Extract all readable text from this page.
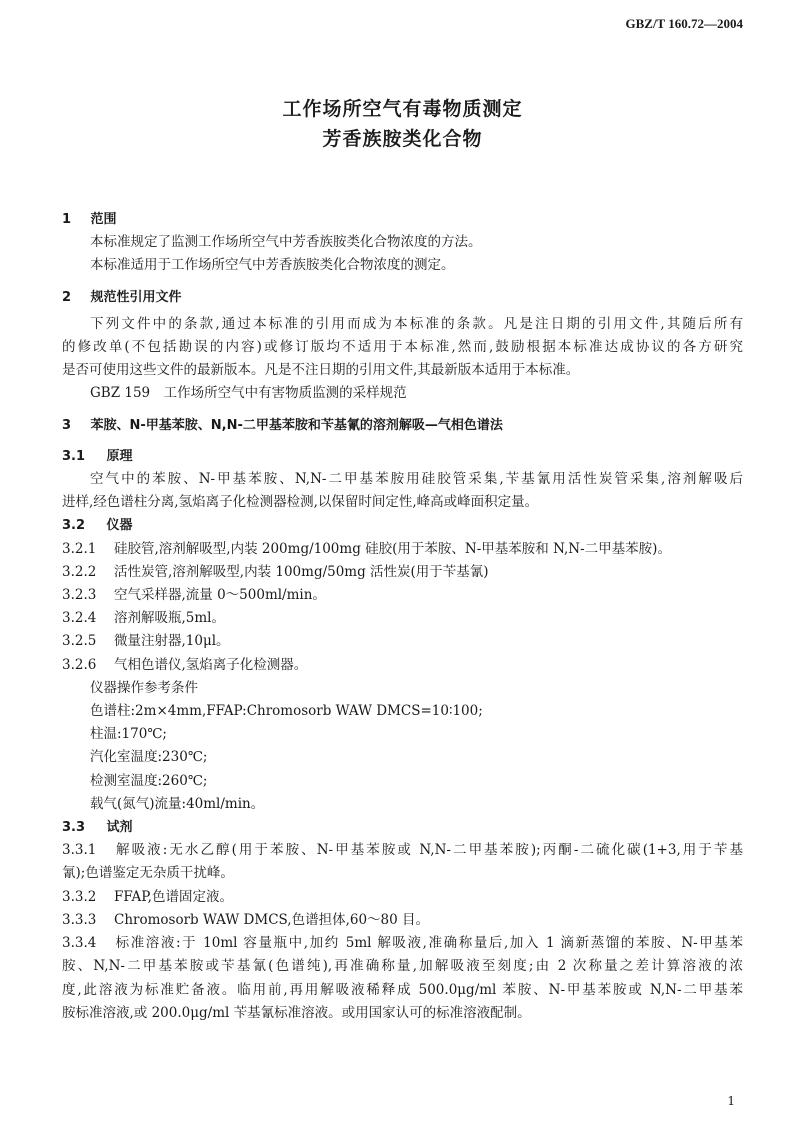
GBZ/T 160.72—2004
工作场所空气有毒物质测定
芳香族胺类化合物
1 范围
本标准规定了监测工作场所空气中芳香族胺类化合物浓度的方法。
本标准适用于工作场所空气中芳香族胺类化合物浓度的测定。
2 规范性引用文件
下列文件中的条款,通过本标准的引用而成为本标准的条款。凡是注日期的引用文件,其随后所有
的修改单(不包括勘误的内容)或修订版均不适用于本标准,然而,鼓励根据本标准达成协议的各方研究
是否可使用这些文件的最新版本。凡是不注日期的引用文件,其最新版本适用于本标准。
GBZ 159　工作场所空气中有害物质监测的采样规范
3 苯胺、N-甲基苯胺、N,N-二甲基苯胺和苄基氰的溶剂解吸—气相色谱法
3.1 原理
空气中的苯胺、N-甲基苯胺、N,N-二甲基苯胺用硅胶管采集,苄基氰用活性炭管采集,溶剂解吸后
进样,经色谱柱分离,氢焰离子化检测器检测,以保留时间定性,峰高或峰面积定量。
3.2 仪器
3.2.1 硅胶管,溶剂解吸型,内装 200mg/100mg 硅胶(用于苯胺、N-甲基苯胺和 N,N-二甲基苯胺)。
3.2.2 活性炭管,溶剂解吸型,内装 100mg/50mg 活性炭(用于苄基氰)
3.2.3 空气采样器,流量 0～500ml/min。
3.2.4 溶剂解吸瓶,5ml。
3.2.5 微量注射器,10μl。
3.2.6 气相色谱仪,氢焰离子化检测器。
仪器操作参考条件
色谱柱:2m×4mm,FFAP:Chromosorb WAW DMCS=10∶100;
柱温:170℃;
汽化室温度:230℃;
检测室温度:260℃;
载气(氮气)流量:40ml/min。
3.3 试剂
3.3.1 解吸液:无水乙醇(用于苯胺、N-甲基苯胺或 N,N-二甲基苯胺);丙酮-二硫化碳(1+3,用于苄基
氰);色谱鉴定无杂质干扰峰。
3.3.2 FFAP,色谱固定液。
3.3.3 Chromosorb WAW DMCS,色谱担体,60～80 目。
3.3.4 标准溶液:于 10ml 容量瓶中,加约 5ml 解吸液,准确称量后,加入 1 滴新蒸馏的苯胺、N-甲基苯
胺、N,N-二甲基苯胺或苄基氰(色谱纯),再准确称量,加解吸液至刻度;由 2 次称量之差计算溶液的浓
度,此溶液为标准贮备液。临用前,再用解吸液稀释成 500.0μg/ml 苯胺、N-甲基苯胺或 N,N-二甲基苯
胺标准溶液,或 200.0μg/ml 苄基氰标准溶液。或用国家认可的标准溶液配制。
1
